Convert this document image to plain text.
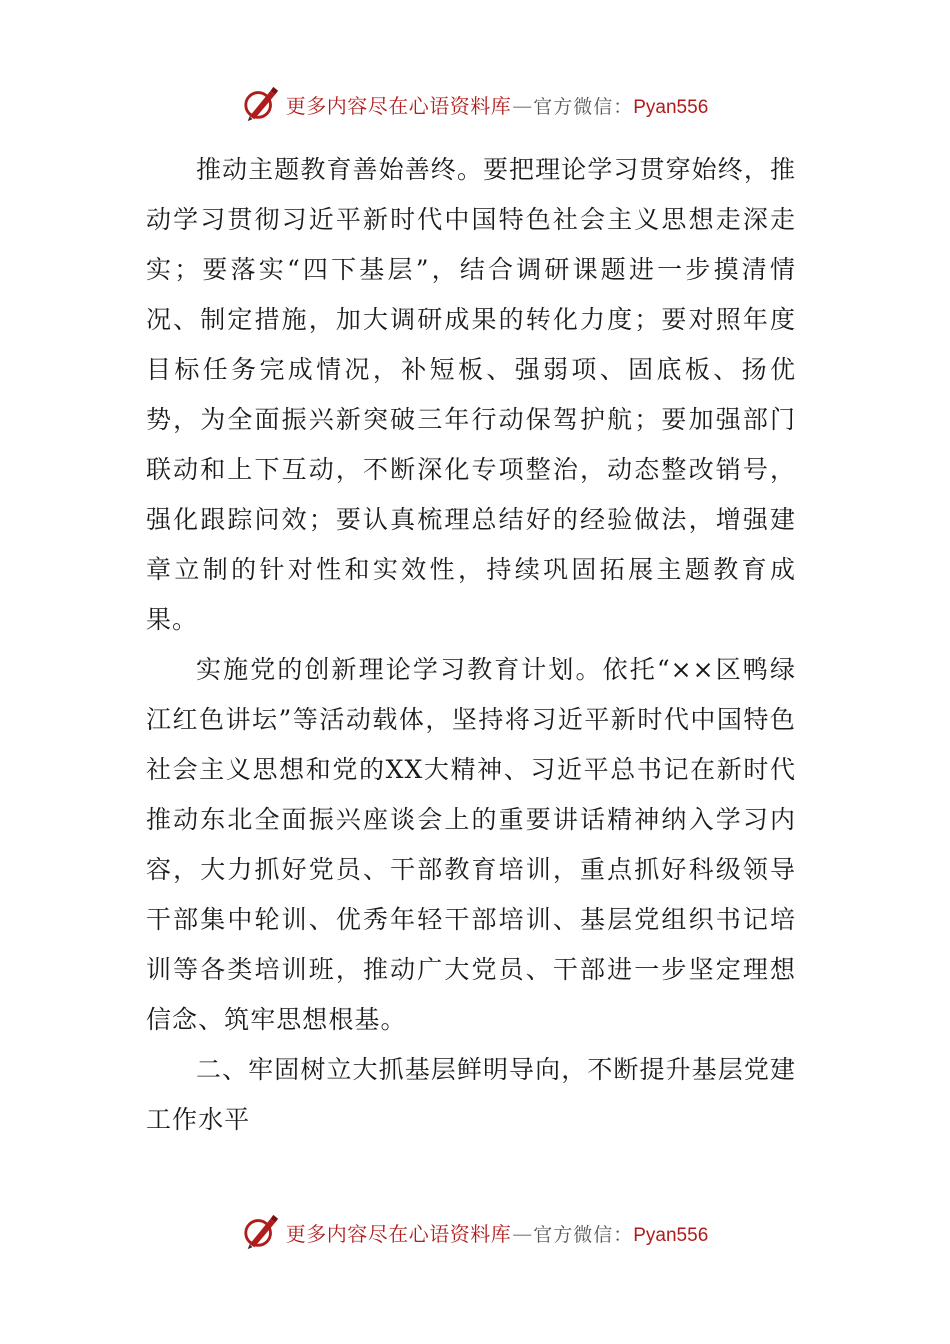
更多内容尽在心语资料库 — 官方微信： Pyan556

推动主题教育善始善终。要把理论学习贯穿始终，推动学习贯彻习近平新时代中国特色社会主义思想走深走实；要落实“四下基层”，结合调研课题进一步摸清情况、制定措施，加大调研成果的转化力度；要对照年度目标任务完成情况，补短板、强弱项、固底板、扬优势，为全面振兴新突破三年行动保驾护航；要加强部门联动和上下互动，不断深化专项整治，动态整改销号，强化跟踪问效；要认真梳理总结好的经验做法，增强建章立制的针对性和实效性，持续巩固拓展主题教育成果。

实施党的创新理论学习教育计划。依托“××区鸭绿江红色讲坛”等活动载体，坚持将习近平新时代中国特色社会主义思想和党的XX大精神、习近平总书记在新时代推动东北全面振兴座谈会上的重要讲话精神纳入学习内容，大力抓好党员、干部教育培训，重点抓好科级领导干部集中轮训、优秀年轻干部培训、基层党组织书记培训等各类培训班，推动广大党员、干部进一步坚定理想信念、筑牢思想根基。

二、牢固树立大抓基层鲜明导向，不断提升基层党建工作水平

更多内容尽在心语资料库 — 官方微信： Pyan556
